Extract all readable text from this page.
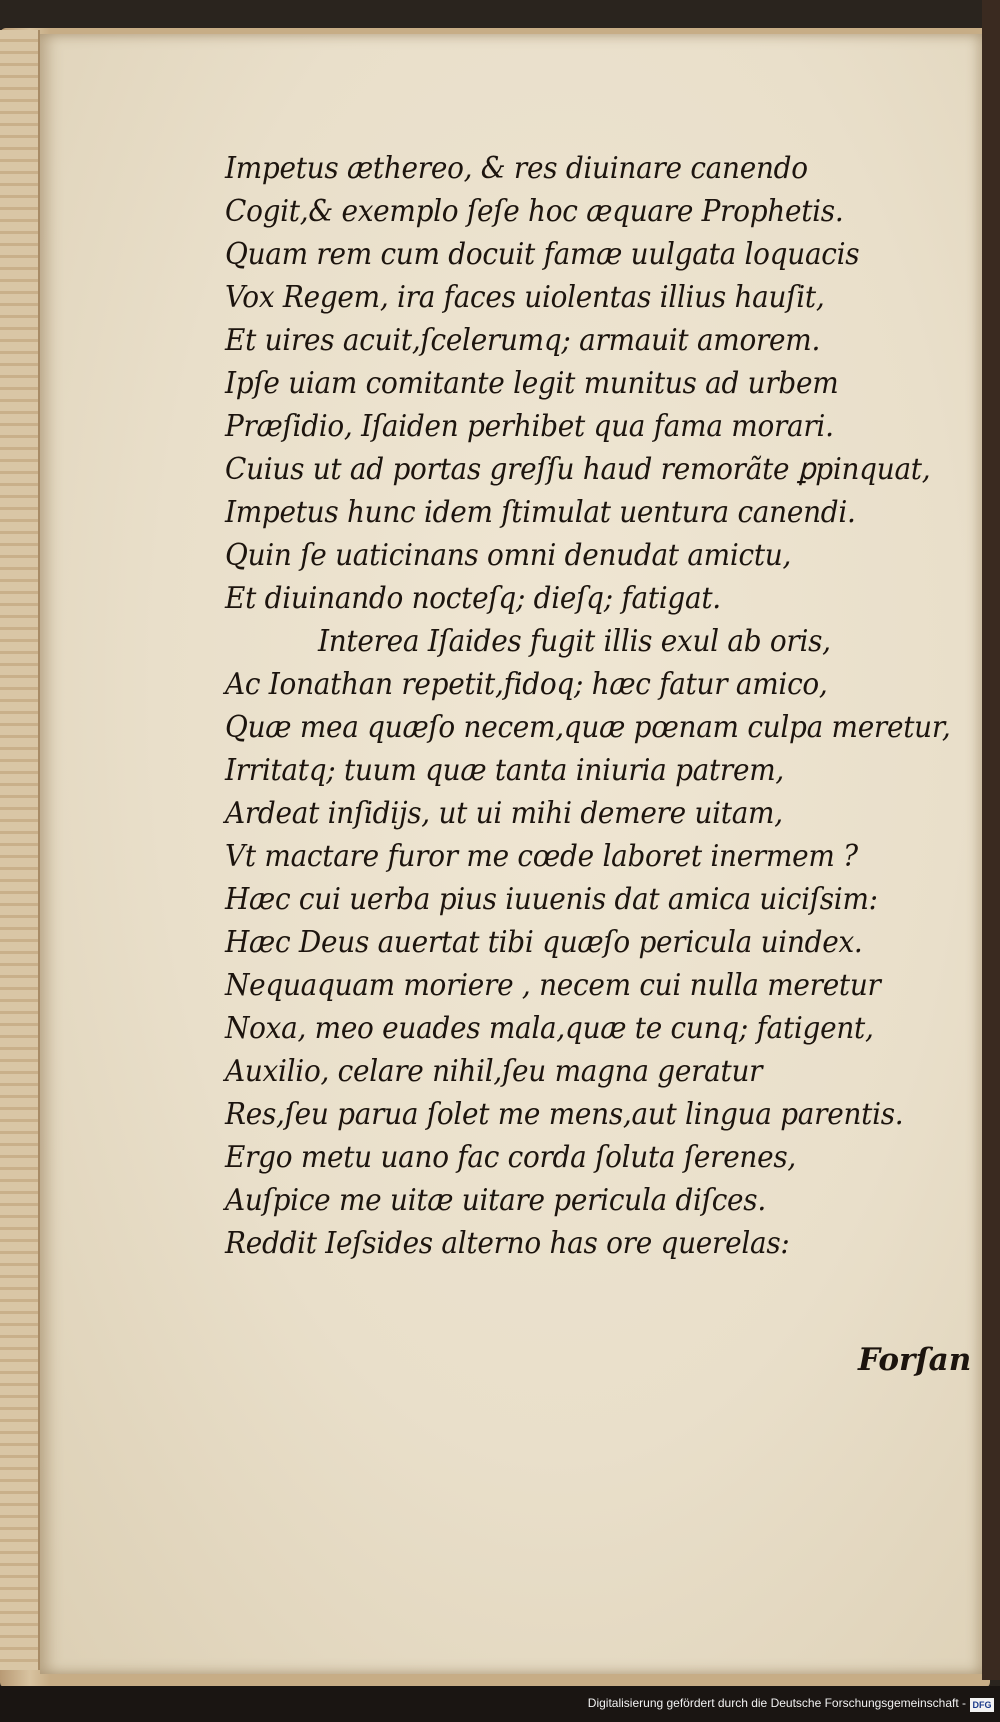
Impetus æthereo, & res diuinare canendo
Cogit,& exemplo ſeſe hoc æquare Prophetis.
Quam rem cum docuit famæ uulgata loquacis
Vox Regem, ira faces uiolentas illius hauſit,
Et uires acuit,ſcelerumq; armauit amorem.
Ipſe uiam comitante legit munitus ad urbem
Præſidio, Iſaiden perhibet qua fama morari.
Cuius ut ad portas greſſu haud remorãte ꝑpinquat,
Impetus hunc idem ſtimulat uentura canendi.
Quin ſe uaticinans omni denudat amictu,
Et diuinando nocteſq; dieſq; fatigat.
Interea Iſaides fugit illis exul ab oris,
Ac Ionathan repetit,fidoq; hæc fatur amico,
Quæ mea quæſo necem,quæ pœnam culpa meretur,
Irritatq; tuum quæ tanta iniuria patrem,
Ardeat inſidijs, ut ui mihi demere uitam,
Vt mactare furor me cœde laboret inermem ?
Hæc cui uerba pius iuuenis dat amica uiciſsim:
Hæc Deus auertat tibi quæſo pericula uindex.
Nequaquam moriere , necem cui nulla meretur
Noxa, meo euades mala,quæ te cunq; fatigent,
Auxilio, celare nihil,ſeu magna geratur
Res,ſeu parua ſolet me mens,aut lingua parentis.
Ergo metu uano fac corda ſoluta ſerenes,
Auſpice me uitæ uitare pericula diſces.
Reddit Ieſsides alterno has ore querelas:
Forſan
Digitalisierung gefördert durch die Deutsche Forschungsgemeinschaft - DFG
